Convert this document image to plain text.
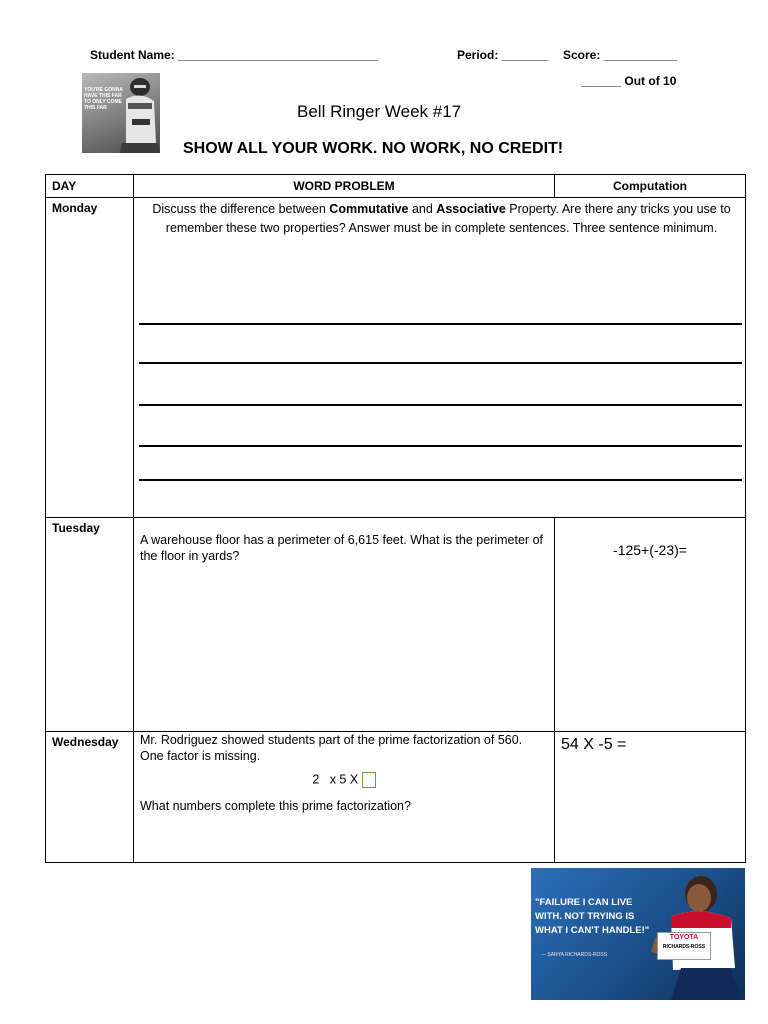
Student Name: ______________________________	Period: _______ Score: ___________
______ Out of 10
YOU'RE GONNA HAVE THIS FAR TO ONLY COME THIS FAR	Bell Ringer Week #17
SHOW ALL YOUR WORK. NO WORK, NO CREDIT!
DAY	WORD PROBLEM	Computation
Monday	Discuss the difference between Commutative and Associative Property. Are there any tricks you use to remember these two properties? Answer must be in complete sentences. Three sentence minimum.	

Tuesday	A warehouse floor has a perimeter of 6,615 feet. What is the perimeter of the floor in yards?	-125+(-23)=

Wednesday	Mr. Rodriguez showed students part of the prime factorization of 560. One factor is missing.
2   x 5 X
What numbers complete this prime factorization?	54 X -5 =
TOYOTA
RICHARDS-ROSS
"FAILURE I CAN LIVE WITH. NOT TRYING IS WHAT I CAN'T HANDLE!"
— SANYA RICHARDS-ROSS
